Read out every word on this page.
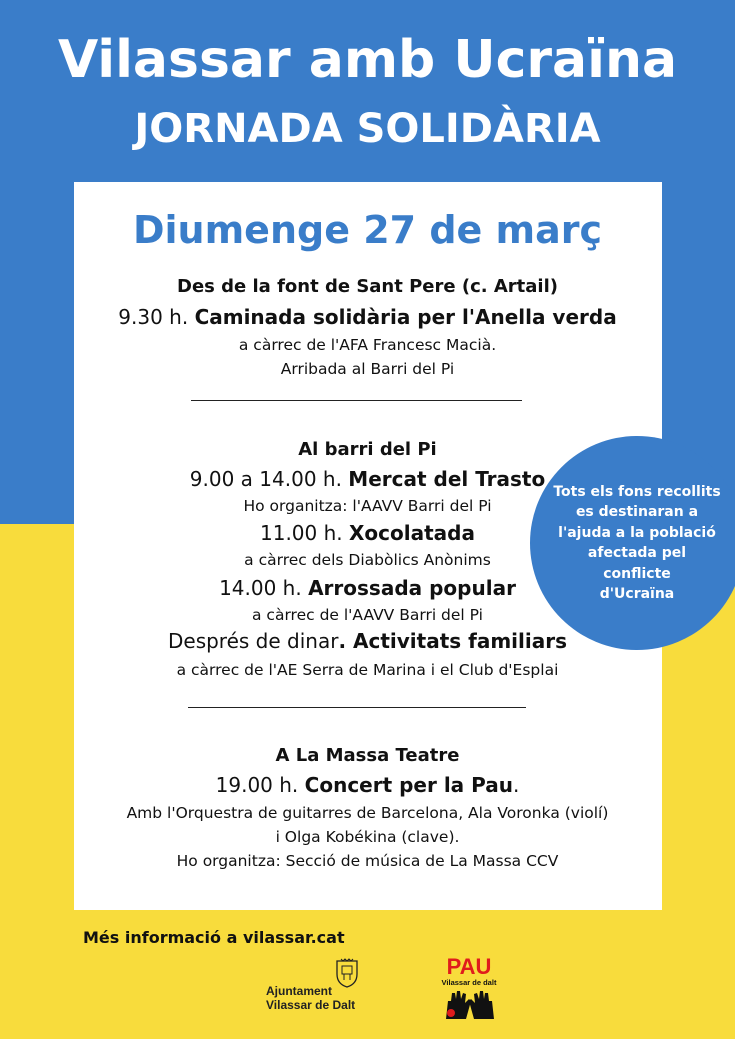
Vilassar amb Ucraïna
JORNADA SOLIDÀRIA
Diumenge 27 de març
Des de la font de Sant Pere (c. Artail)
9.30 h. Caminada solidària per l'Anella verda
a càrrec de l'AFA Francesc Macià.
Arribada al Barri del Pi
Al barri del Pi
9.00 a 14.00 h. Mercat del Trasto
Ho organitza: l'AAVV Barri del Pi
11.00 h. Xocolatada
a càrrec dels Diabòlics Anònims
14.00 h. Arrossada popular
a càrrec de l'AAVV Barri del Pi
Després de dinar. Activitats familiars
a càrrec de l'AE Serra de Marina i el Club d'Esplai
A La Massa Teatre
19.00 h. Concert per la Pau.
Amb l'Orquestra de guitarres de Barcelona, Ala Voronka (violí)
i Olga Kobékina (clave).
Ho organitza: Secció de música de La Massa CCV
Tots els fons recollits
es destinaran a
l'ajuda a la població
afectada pel conflicte
d'Ucraïna
Més informació a vilassar.cat
Ajuntament
Vilassar de Dalt
PAU
Vilassar de dalt
